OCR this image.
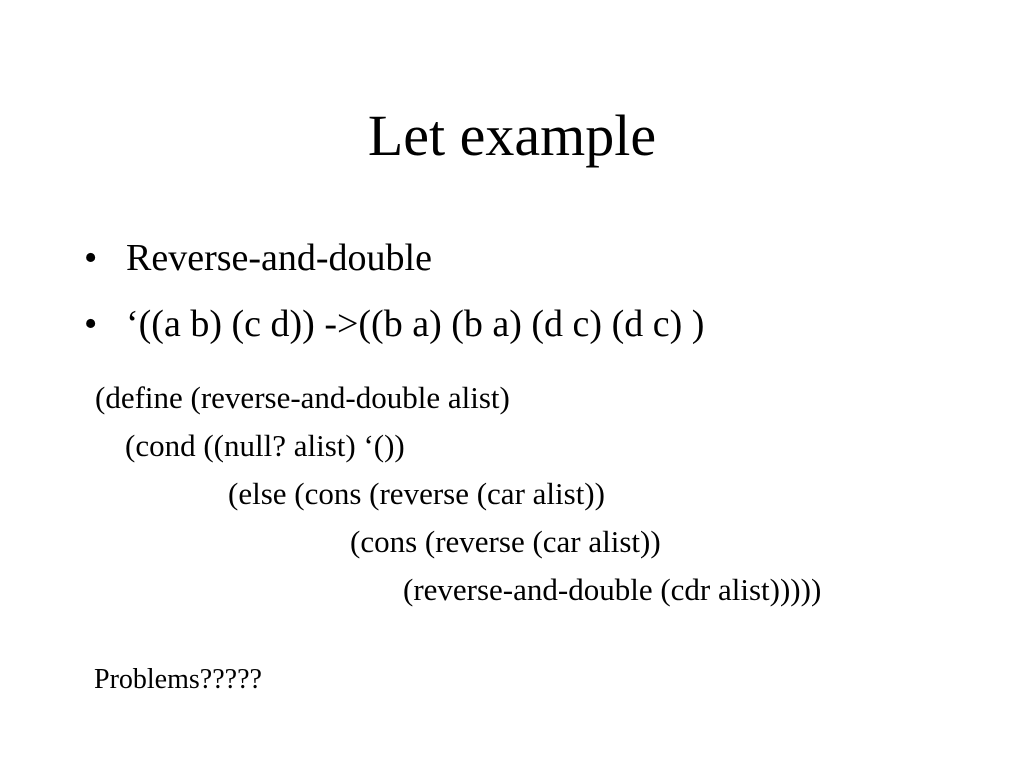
Let example
• Reverse-and-double
• ‘((a b) (c d)) ->((b a) (b a) (d c) (d c) )
(define (reverse-and-double alist)
(cond ((null? alist) ‘())
(else (cons (reverse (car alist))
(cons (reverse (car alist))
(reverse-and-double (cdr alist)))))
Problems?????
